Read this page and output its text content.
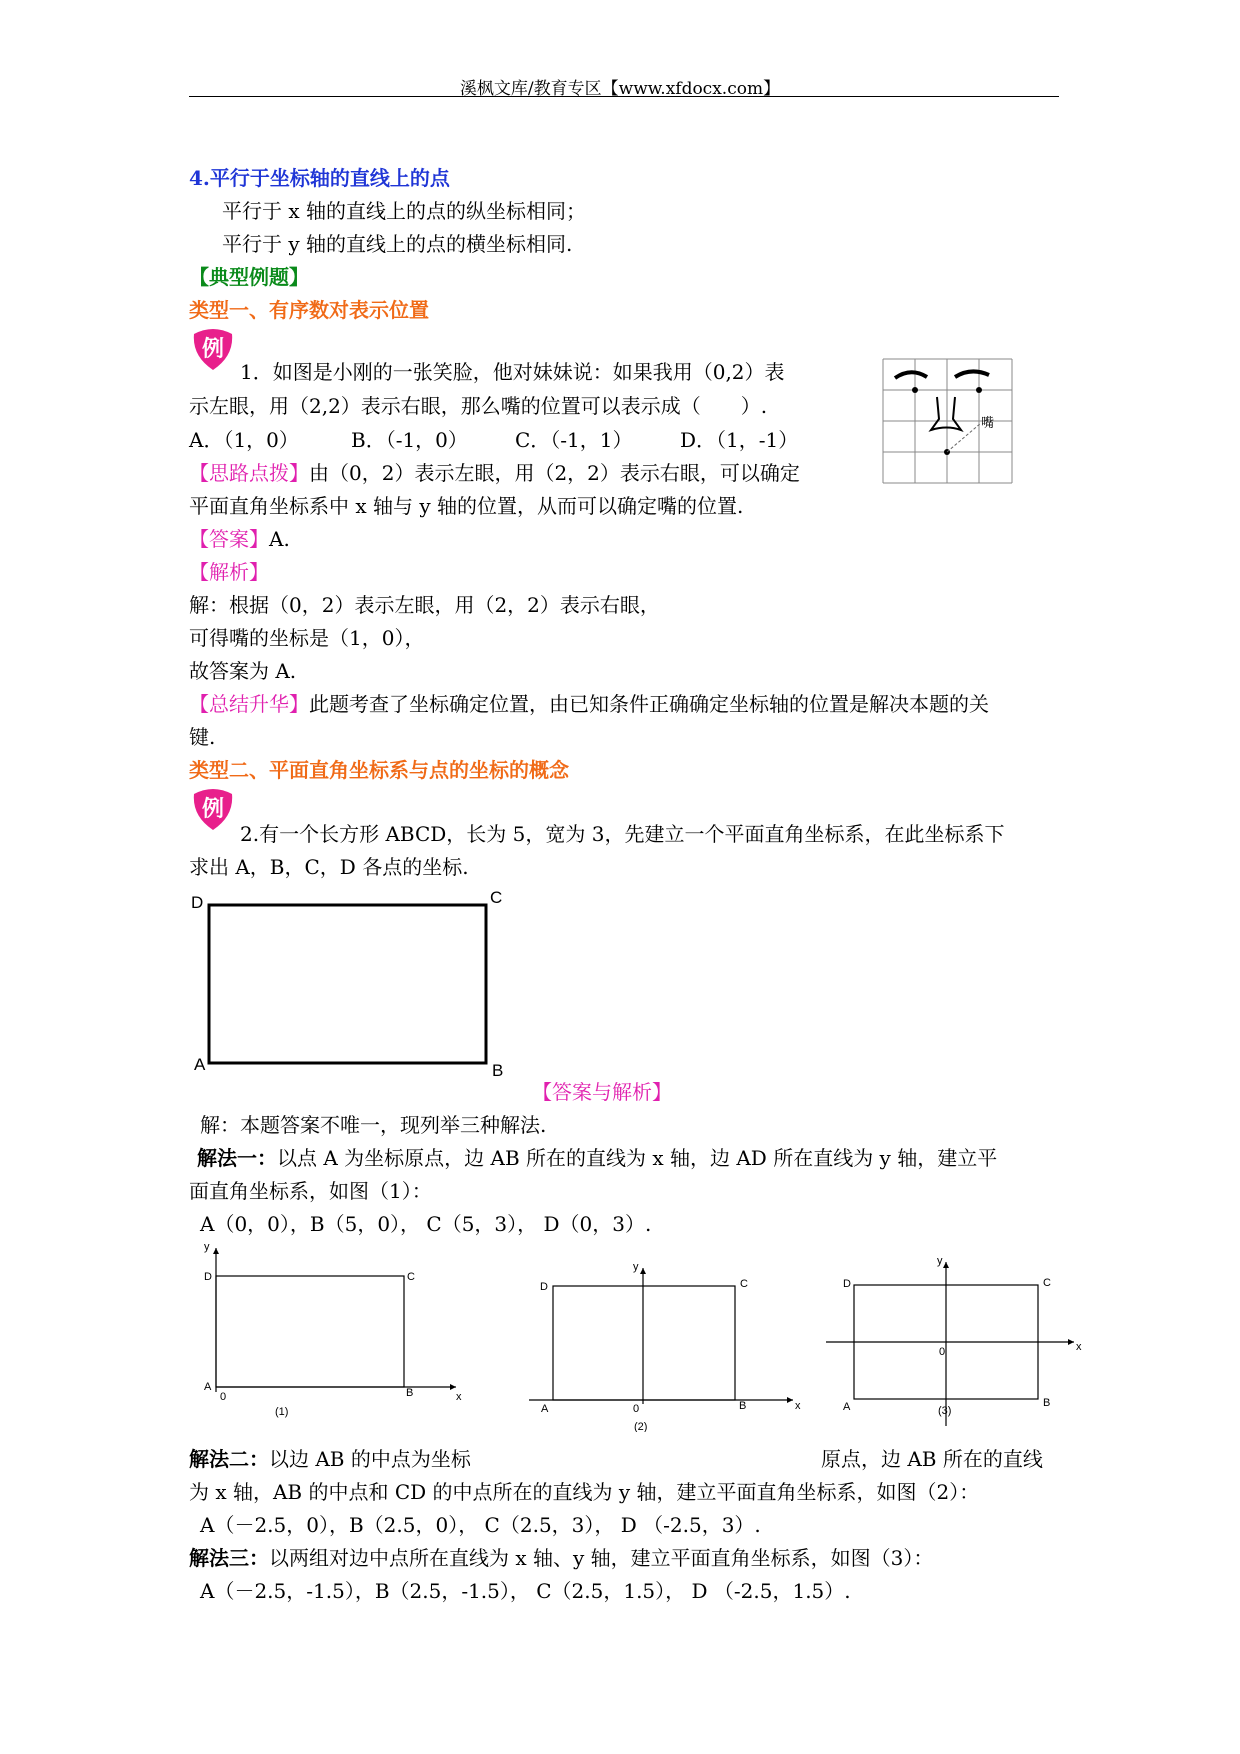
溪枫文库/教育专区【www.xfdocx.com】
4.平行于坐标轴的直线上的点
平行于 x 轴的直线上的点的纵坐标相同；
平行于 y 轴的直线上的点的横坐标相同.
【典型例题】
类型一、有序数对表示位置
例
1．如图是小刚的一张笑脸，他对妹妹说：如果我用（0,2）表
示左眼，用（2,2）表示右眼，那么嘴的位置可以表示成（　　）.
A．（1，0）	B．（-1，0） C．（-1，1） D．（1，-1）
嘴
【思路点拨】由（0，2）表示左眼，用（2，2）表示右眼，可以确定
平面直角坐标系中 x 轴与 y 轴的位置，从而可以确定嘴的位置.
【答案】A.
【解析】
解：根据（0，2）表示左眼，用（2，2）表示右眼，
可得嘴的坐标是（1，0），
故答案为 A.
【总结升华】此题考查了坐标确定位置，由已知条件正确确定坐标轴的位置是解决本题的关
键.
类型二、平面直角坐标系与点的坐标的概念
例
2.有一个长方形 ABCD，长为 5，宽为 3，先建立一个平面直角坐标系，在此坐标系下
求出 A，B，C，D 各点的坐标.
D	C
A	B
【答案与解析】
解：本题答案不唯一，现列举三种解法.
解法一：以点 A 为坐标原点，边 AB 所在的直线为 x 轴，边 AD 所在直线为 y 轴，建立平
面直角坐标系，如图（1）：
A（0，0），B（5，0）， C（5，3）， D（0，3）.
y
x
D	C
A
0	B
(1)
y
x
D	C
A	0	B
(2)
y
x
D	C
0
A	B
(3)
解法二：以边 AB 的中点为坐标	原点，边 AB 所在的直线
为 x 轴，AB 的中点和 CD 的中点所在的直线为 y 轴，建立平面直角坐标系，如图（2）：
A（－2.5，0），B（2.5，0）， C（2.5，3）， D （-2.5，3）.
解法三：以两组对边中点所在直线为 x 轴、y 轴，建立平面直角坐标系，如图（3）：
A（－2.5，-1.5），B（2.5，-1.5）， C（2.5，1.5）， D （-2.5，1.5）.
